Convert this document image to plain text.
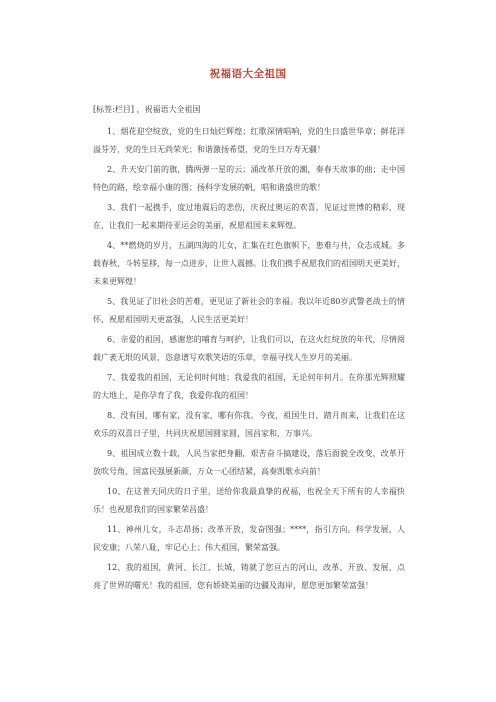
祝福语大全祖国

[标签:栏目] ，祝福语大全祖国

1、烟花迎空绽放，党的生日灿烂辉煌；红歌深情唱响，党的生日盛世华章；鲜花洋溢芬芳，党的生日无尚荣光；和谐激扬希望，党的生日万寿无疆！

2、升天安门前的旗，腾两弹一星的云；涌改革开放的潮，奏春天故事的曲；走中国特色的路，绘幸福小康的图；扬科学发展的帆，唱和谐盛世的歌！

3、我们一起携手，度过地震后的悲伤，庆祝过奥运的欢喜，见证过世博的精彩，现在，让我们一起来期待亚运会的美丽，祝愿祖国未来辉煌。

4、**燃烧的岁月，五湖四海的儿女，汇集在红色旗帜下，患难与共，众志成城。多载春秋，斗转星移，每一点进步，让世人震撼。让我们携手祝愿我们的祖国明天更美好，未来更辉煌！

5、我见证了旧社会的苦难，更见证了新社会的幸福。我以年近80岁武警老战士的情怀，祝愿祖国明天更富强，人民生活更美好！

6、亲爱的祖国，感谢您的哺育与呵护，让我们可以，在这火红绽放的年代，尽情阅载广袤无垠的风景，恣意谱写欢歌笑语的乐章，幸福寻找人生岁月的美丽。

7、我爱我的祖国，无论何时何地；我爱我的祖国，无论何年何月。在你那光辉照耀的大地上，是你孕育了我，我爱你我的祖国！

8、没有国，哪有家，没有家，哪有你我。今夜，祖国生日，踏月而来，让我们在这欢乐的双喜日子里，共同庆祝愿国圆家圆，国昌家和，万事兴。

9、祖国成立数十载，人民当家把身翻，艰苦奋斗搞建设，落后面貌全改变，改革开放吹号角，国富民强展新颜，万众一心团结紧，高奏凯歌永向前！

10、在这普天同庆的日子里，送给你我最真挚的祝福，也祝全天下所有的人幸福快乐！也祝愿我们的国家繁荣昌盛！

11、神州儿女，斗志昂扬；改革开放，发奋图强；****，指引方向。科学发展，人民安康；八荣八耻，牢记心上；伟大祖国，繁荣富强。

12、我的祖国，黄河、长江、长城，铸就了您亘古的河山，改革、开放、发展，点亮了世界的曙光！我的祖国，您有娇娆美丽的边疆及海岸，愿您更加繁荣富强！
